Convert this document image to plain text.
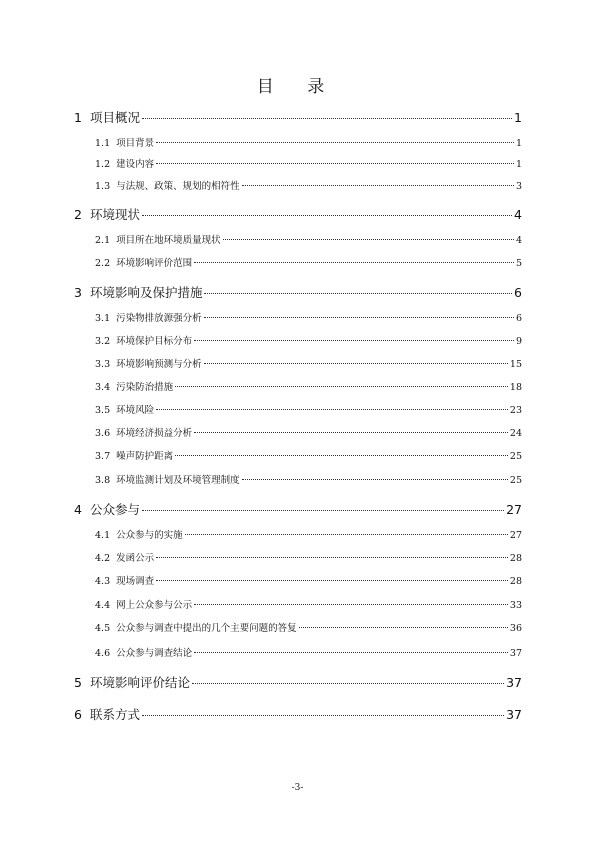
目 录
1 项目概况	1
1.1 项目背景	1
1.2 建设内容	1
1.3 与法规、政策、规划的相符性	3
2 环境现状	4
2.1 项目所在地环境质量现状	4
2.2 环境影响评价范围	5
3 环境影响及保护措施	6
3.1 污染物排放源强分析	6
3.2 环境保护目标分布	9
3.3 环境影响预测与分析	15
3.4 污染防治措施	18
3.5 环境风险	23
3.6 环境经济损益分析	24
3.7 噪声防护距离	25
3.8 环境监测计划及环境管理制度	25
4 公众参与	27
4.1 公众参与的实施	27
4.2 发函公示	28
4.3 现场调查	28
4.4 网上公众参与公示	33
4.5 公众参与调查中提出的几个主要问题的答复	36
4.6 公众参与调查结论	37
5 环境影响评价结论	37
6 联系方式	37
-3-
